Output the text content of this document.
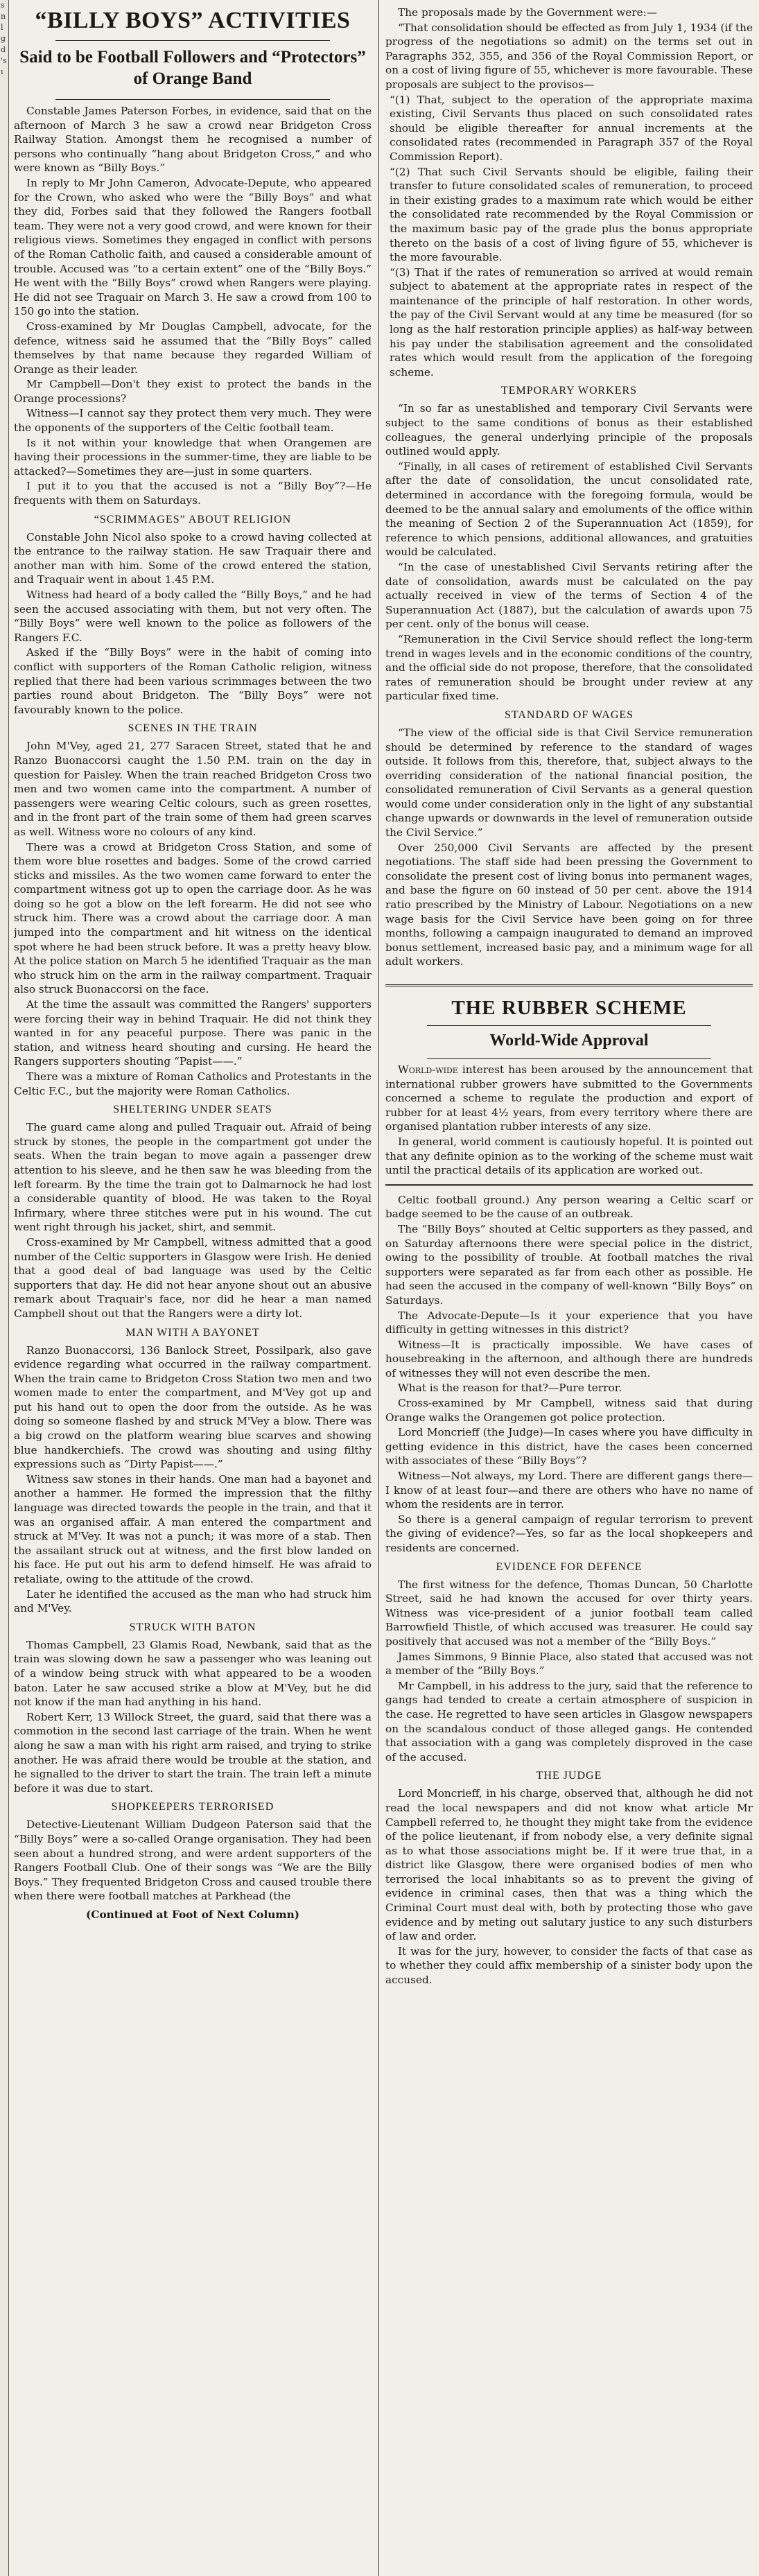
s
n
l
g
d
's
ı
“BILLY BOYS” ACTIVITIES
Said to be Football Followers and “Protectors” of Orange Band

Constable James Paterson Forbes, in evidence, said that on the afternoon of March 3 he saw a crowd near Bridgeton Cross Railway Station. Amongst them he recognised a number of persons who continually “hang about Bridgeton Cross,” and who were known as “Billy Boys.”

In reply to Mr John Cameron, Advocate-Depute, who appeared for the Crown, who asked who were the “Billy Boys” and what they did, Forbes said that they followed the Rangers football team. They were not a very good crowd, and were known for their religious views. Sometimes they engaged in conflict with persons of the Roman Catholic faith, and caused a considerable amount of trouble. Accused was “to a certain extent” one of the “Billy Boys.” He went with the “Billy Boys” crowd when Rangers were playing. He did not see Traquair on March 3. He saw a crowd from 100 to 150 go into the station.

Cross-examined by Mr Douglas Campbell, advocate, for the defence, witness said he assumed that the “Billy Boys” called themselves by that name because they regarded William of Orange as their leader.

Mr Campbell—Don't they exist to protect the bands in the Orange processions?

Witness—I cannot say they protect them very much. They were the opponents of the supporters of the Celtic football team.

Is it not within your knowledge that when Orangemen are having their processions in the summer-time, they are liable to be attacked?—Sometimes they are—just in some quarters.

I put it to you that the accused is not a “Billy Boy”?—He frequents with them on Saturdays.

“SCRIMMAGES” ABOUT RELIGION

Constable John Nicol also spoke to a crowd having collected at the entrance to the railway station. He saw Traquair there and another man with him. Some of the crowd entered the station, and Traquair went in about 1.45 P.M.

Witness had heard of a body called the “Billy Boys,” and he had seen the accused associating with them, but not very often. The “Billy Boys” were well known to the police as followers of the Rangers F.C.

Asked if the “Billy Boys” were in the habit of coming into conflict with supporters of the Roman Catholic religion, witness replied that there had been various scrimmages between the two parties round about Bridgeton. The “Billy Boys” were not favourably known to the police.

SCENES IN THE TRAIN

John M'Vey, aged 21, 277 Saracen Street, stated that he and Ranzo Buonaccorsi caught the 1.50 P.M. train on the day in question for Paisley. When the train reached Bridgeton Cross two men and two women came into the compartment. A number of passengers were wearing Celtic colours, such as green rosettes, and in the front part of the train some of them had green scarves as well. Witness wore no colours of any kind.

There was a crowd at Bridgeton Cross Station, and some of them wore blue rosettes and badges. Some of the crowd carried sticks and missiles. As the two women came forward to enter the compartment witness got up to open the carriage door. As he was doing so he got a blow on the left forearm. He did not see who struck him. There was a crowd about the carriage door. A man jumped into the compartment and hit witness on the identical spot where he had been struck before. It was a pretty heavy blow. At the police station on March 5 he identified Traquair as the man who struck him on the arm in the railway compartment. Traquair also struck Buonaccorsi on the face.

At the time the assault was committed the Rangers' supporters were forcing their way in behind Traquair. He did not think they wanted in for any peaceful purpose. There was panic in the station, and witness heard shouting and cursing. He heard the Rangers supporters shouting “Papist——.”

There was a mixture of Roman Catholics and Protestants in the Celtic F.C., but the majority were Roman Catholics.

SHELTERING UNDER SEATS

The guard came along and pulled Traquair out. Afraid of being struck by stones, the people in the compartment got under the seats. When the train began to move again a passenger drew attention to his sleeve, and he then saw he was bleeding from the left forearm. By the time the train got to Dalmarnock he had lost a considerable quantity of blood. He was taken to the Royal Infirmary, where three stitches were put in his wound. The cut went right through his jacket, shirt, and semmit.

Cross-examined by Mr Campbell, witness admitted that a good number of the Celtic supporters in Glasgow were Irish. He denied that a good deal of bad language was used by the Celtic supporters that day. He did not hear anyone shout out an abusive remark about Traquair's face, nor did he hear a man named Campbell shout out that the Rangers were a dirty lot.

MAN WITH A BAYONET

Ranzo Buonaccorsi, 136 Banlock Street, Possilpark, also gave evidence regarding what occurred in the railway compartment. When the train came to Bridgeton Cross Station two men and two women made to enter the compartment, and M'Vey got up and put his hand out to open the door from the outside. As he was doing so someone flashed by and struck M'Vey a blow. There was a big crowd on the platform wearing blue scarves and showing blue handkerchiefs. The crowd was shouting and using filthy expressions such as “Dirty Papist——.”

Witness saw stones in their hands. One man had a bayonet and another a hammer. He formed the impression that the filthy language was directed towards the people in the train, and that it was an organised affair. A man entered the compartment and struck at M'Vey. It was not a punch; it was more of a stab. Then the assailant struck out at witness, and the first blow landed on his face. He put out his arm to defend himself. He was afraid to retaliate, owing to the attitude of the crowd.

Later he identified the accused as the man who had struck him and M'Vey.

STRUCK WITH BATON

Thomas Campbell, 23 Glamis Road, Newbank, said that as the train was slowing down he saw a passenger who was leaning out of a window being struck with what appeared to be a wooden baton. Later he saw accused strike a blow at M'Vey, but he did not know if the man had anything in his hand.

Robert Kerr, 13 Willock Street, the guard, said that there was a commotion in the second last carriage of the train. When he went along he saw a man with his right arm raised, and trying to strike another. He was afraid there would be trouble at the station, and he signalled to the driver to start the train. The train left a minute before it was due to start.

SHOPKEEPERS TERRORISED

Detective-Lieutenant William Dudgeon Paterson said that the “Billy Boys” were a so-called Orange organisation. They had been seen about a hundred strong, and were ardent supporters of the Rangers Football Club. One of their songs was “We are the Billy Boys.” They frequented Bridgeton Cross and caused trouble there when there were football matches at Parkhead (the

(Continued at Foot of Next Column)

The proposals made by the Government were:—

“That consolidation should be effected as from July 1, 1934 (if the progress of the negotiations so admit) on the terms set out in Paragraphs 352, 355, and 356 of the Royal Commission Report, or on a cost of living figure of 55, whichever is more favourable. These proposals are subject to the provisos—

“(1) That, subject to the operation of the appropriate maxima existing, Civil Servants thus placed on such consolidated rates should be eligible thereafter for annual increments at the consolidated rates (recommended in Paragraph 357 of the Royal Commission Report).

“(2) That such Civil Servants should be eligible, failing their transfer to future consolidated scales of remuneration, to proceed in their existing grades to a maximum rate which would be either the consolidated rate recommended by the Royal Commission or the maximum basic pay of the grade plus the bonus appropriate thereto on the basis of a cost of living figure of 55, whichever is the more favourable.

“(3) That if the rates of remuneration so arrived at would remain subject to abatement at the appropriate rates in respect of the maintenance of the principle of half restoration. In other words, the pay of the Civil Servant would at any time be measured (for so long as the half restoration principle applies) as half-way between his pay under the stabilisation agreement and the consolidated rates which would result from the application of the foregoing scheme.

TEMPORARY WORKERS

“In so far as unestablished and temporary Civil Servants were subject to the same conditions of bonus as their established colleagues, the general underlying principle of the proposals outlined would apply.

“Finally, in all cases of retirement of established Civil Servants after the date of consolidation, the uncut consolidated rate, determined in accordance with the foregoing formula, would be deemed to be the annual salary and emoluments of the office within the meaning of Section 2 of the Superannuation Act (1859), for reference to which pensions, additional allowances, and gratuities would be calculated.

“In the case of unestablished Civil Servants retiring after the date of consolidation, awards must be calculated on the pay actually received in view of the terms of Section 4 of the Superannuation Act (1887), but the calculation of awards upon 75 per cent. only of the bonus will cease.

“Remuneration in the Civil Service should reflect the long-term trend in wages levels and in the economic conditions of the country, and the official side do not propose, therefore, that the consolidated rates of remuneration should be brought under review at any particular fixed time.

STANDARD OF WAGES

“The view of the official side is that Civil Service remuneration should be determined by reference to the standard of wages outside. It follows from this, therefore, that, subject always to the overriding consideration of the national financial position, the consolidated remuneration of Civil Servants as a general question would come under consideration only in the light of any substantial change upwards or downwards in the level of remuneration outside the Civil Service.”

Over 250,000 Civil Servants are affected by the present negotiations. The staff side had been pressing the Government to consolidate the present cost of living bonus into permanent wages, and base the figure on 60 instead of 50 per cent. above the 1914 ratio prescribed by the Ministry of Labour. Negotiations on a new wage basis for the Civil Service have been going on for three months, following a campaign inaugurated to demand an improved bonus settlement, increased basic pay, and a minimum wage for all adult workers.

THE RUBBER SCHEME
World-Wide Approval

World-wide interest has been aroused by the announcement that international rubber growers have submitted to the Governments concerned a scheme to regulate the production and export of rubber for at least 4½ years, from every territory where there are organised plantation rubber interests of any size.

In general, world comment is cautiously hopeful. It is pointed out that any definite opinion as to the working of the scheme must wait until the practical details of its application are worked out.

Celtic football ground.) Any person wearing a Celtic scarf or badge seemed to be the cause of an outbreak.

The “Billy Boys” shouted at Celtic supporters as they passed, and on Saturday afternoons there were special police in the district, owing to the possibility of trouble. At football matches the rival supporters were separated as far from each other as possible. He had seen the accused in the company of well-known “Billy Boys” on Saturdays.

The Advocate-Depute—Is it your experience that you have difficulty in getting witnesses in this district?

Witness—It is practically impossible. We have cases of housebreaking in the afternoon, and although there are hundreds of witnesses they will not even describe the men.

What is the reason for that?—Pure terror.

Cross-examined by Mr Campbell, witness said that during Orange walks the Orangemen got police protection.

Lord Moncrieff (the Judge)—In cases where you have difficulty in getting evidence in this district, have the cases been concerned with associates of these “Billy Boys”?

Witness—Not always, my Lord. There are different gangs there—I know of at least four—and there are others who have no name of whom the residents are in terror.

So there is a general campaign of regular terrorism to prevent the giving of evidence?—Yes, so far as the local shopkeepers and residents are concerned.

EVIDENCE FOR DEFENCE

The first witness for the defence, Thomas Duncan, 50 Charlotte Street, said he had known the accused for over thirty years. Witness was vice-president of a junior football team called Barrowfield Thistle, of which accused was treasurer. He could say positively that accused was not a member of the “Billy Boys.”

James Simmons, 9 Binnie Place, also stated that accused was not a member of the “Billy Boys.”

Mr Campbell, in his address to the jury, said that the reference to gangs had tended to create a certain atmosphere of suspicion in the case. He regretted to have seen articles in Glasgow newspapers on the scandalous conduct of those alleged gangs. He contended that association with a gang was completely disproved in the case of the accused.

THE JUDGE

Lord Moncrieff, in his charge, observed that, although he did not read the local newspapers and did not know what article Mr Campbell referred to, he thought they might take from the evidence of the police lieutenant, if from nobody else, a very definite signal as to what those associations might be. If it were true that, in a district like Glasgow, there were organised bodies of men who terrorised the local inhabitants so as to prevent the giving of evidence in criminal cases, then that was a thing which the Criminal Court must deal with, both by protecting those who gave evidence and by meting out salutary justice to any such disturbers of law and order.

It was for the jury, however, to consider the facts of that case as to whether they could affix membership of a sinister body upon the accused.
